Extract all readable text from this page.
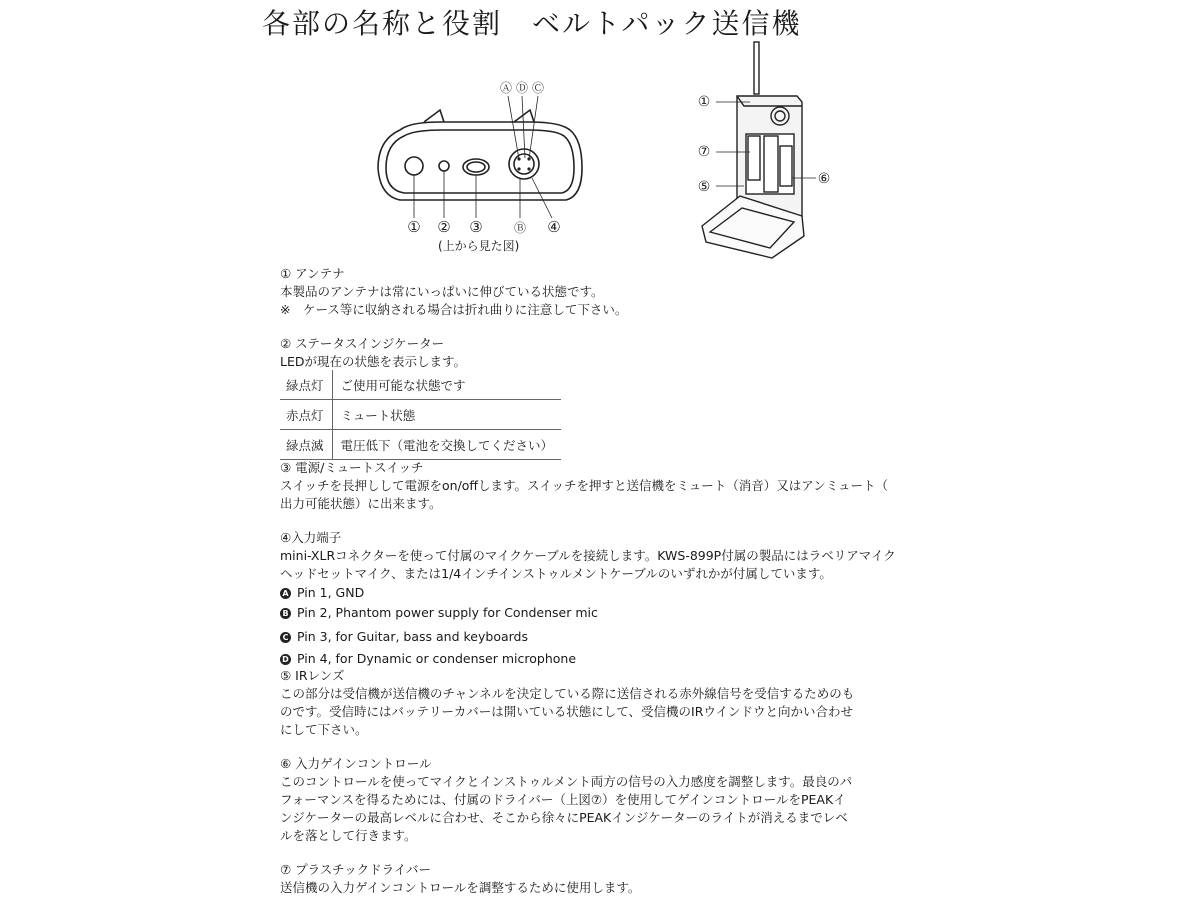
各部の名称と役割　ベルトパック送信機
Ⓐ Ⓓ Ⓒ
① ② ③	Ⓑ ④
(上から見た図)
①
⑦
⑤	⑥
① アンテナ
本製品のアンテナは常にいっぱいに伸びている状態です。
※　ケース等に収納される場合は折れ曲りに注意して下さい。
② ステータスインジケーター
LEDが現在の状態を表示します。
緑点灯	ご使用可能な状態です
赤点灯	ミュート状態
緑点滅	電圧低下（電池を交換してください）
③ 電源/ミュートスイッチ
スイッチを長押しして電源をon/offします。スイッチを押すと送信機をミュート（消音）又はアンミュート（
出力可能状態）に出来ます。
④入力端子
mini-XLRコネクターを使って付属のマイクケーブルを接続します。KWS-899P付属の製品にはラベリアマイク
ヘッドセットマイク、または1/4インチインストゥルメントケーブルのいずれかが付属しています。
A Pin 1, GND
B Pin 2, Phantom power supply for Condenser mic
C Pin 3, for Guitar, bass and keyboards
D Pin 4, for Dynamic or condenser microphone
⑤ IRレンズ
この部分は受信機が送信機のチャンネルを決定している際に送信される赤外線信号を受信するためのも
のです。受信時にはバッテリーカバーは開いている状態にして、受信機のIRウインドウと向かい合わせ
にして下さい。
⑥ 入力ゲインコントロール
このコントロールを使ってマイクとインストゥルメント両方の信号の入力感度を調整します。最良のパ
フォーマンスを得るためには、付属のドライバー（上図⑦）を使用してゲインコントロールをPEAKイ
ンジケーターの最高レベルに合わせ、そこから徐々にPEAKインジケーターのライトが消えるまでレベ
ルを落として行きます。
⑦ プラスチックドライバー
送信機の入力ゲインコントロールを調整するために使用します。
